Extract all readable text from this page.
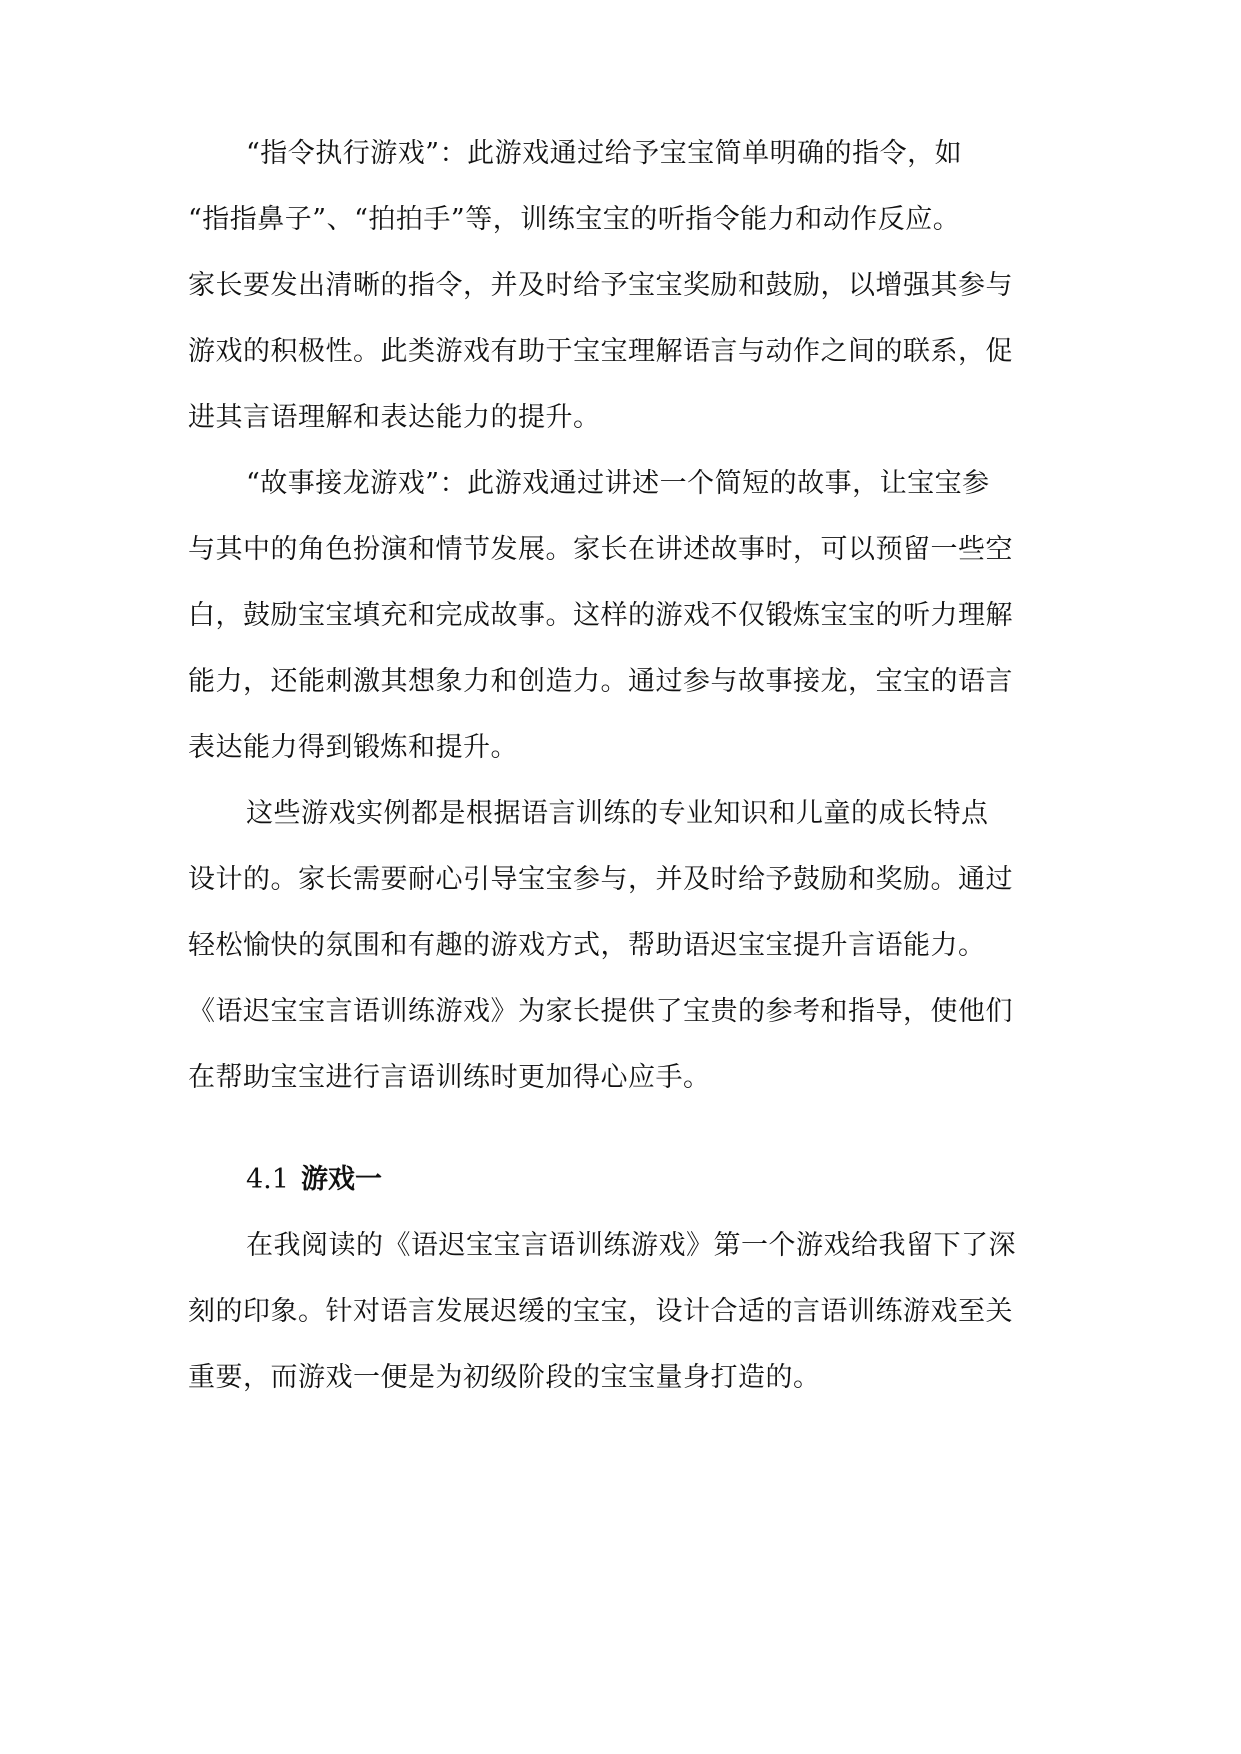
“指令执行游戏”：此游戏通过给予宝宝简单明确的指令，如
“指指鼻子”、“拍拍手”等，训练宝宝的听指令能力和动作反应。
家长要发出清晰的指令，并及时给予宝宝奖励和鼓励，以增强其参与
游戏的积极性。此类游戏有助于宝宝理解语言与动作之间的联系，促
进其言语理解和表达能力的提升。
“故事接龙游戏”：此游戏通过讲述一个简短的故事，让宝宝参
与其中的角色扮演和情节发展。家长在讲述故事时，可以预留一些空
白，鼓励宝宝填充和完成故事。这样的游戏不仅锻炼宝宝的听力理解
能力，还能刺激其想象力和创造力。通过参与故事接龙，宝宝的语言
表达能力得到锻炼和提升。
这些游戏实例都是根据语言训练的专业知识和儿童的成长特点
设计的。家长需要耐心引导宝宝参与，并及时给予鼓励和奖励。通过
轻松愉快的氛围和有趣的游戏方式，帮助语迟宝宝提升言语能力。
《语迟宝宝言语训练游戏》为家长提供了宝贵的参考和指导，使他们
在帮助宝宝进行言语训练时更加得心应手。
4.1 游戏一
在我阅读的《语迟宝宝言语训练游戏》第一个游戏给我留下了深
刻的印象。针对语言发展迟缓的宝宝，设计合适的言语训练游戏至关
重要，而游戏一便是为初级阶段的宝宝量身打造的。
